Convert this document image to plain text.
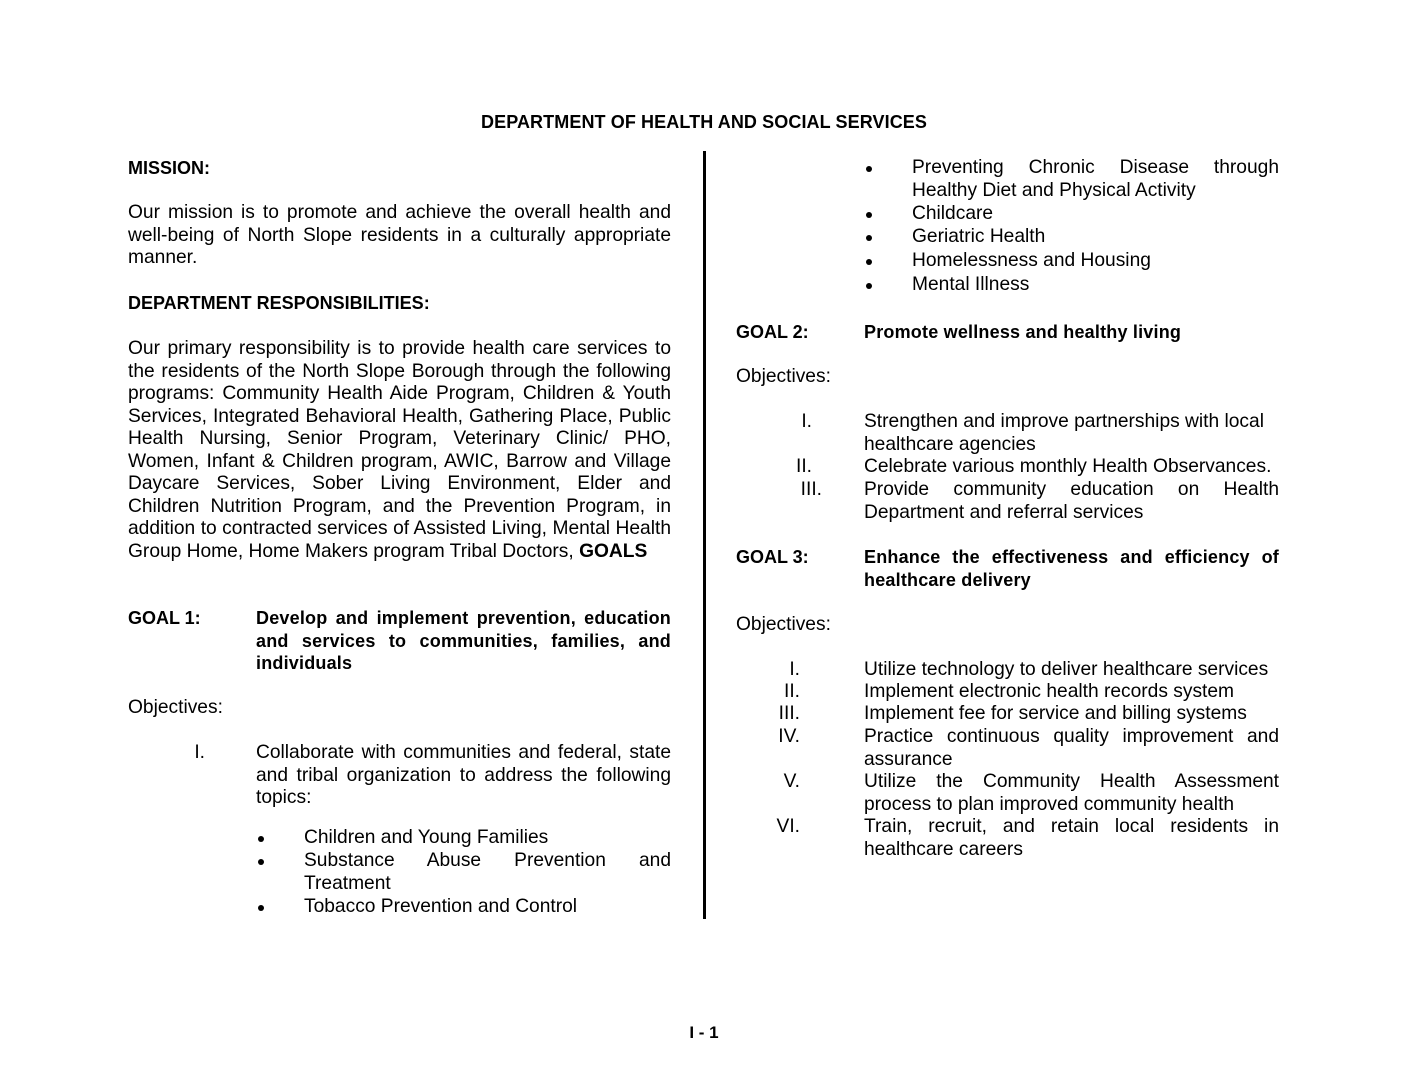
DEPARTMENT OF HEALTH AND SOCIAL SERVICES
MISSION:
Our mission is to promote and achieve the overall health and well-being of North Slope residents in a culturally appropriate manner.
DEPARTMENT RESPONSIBILITIES:
Our primary responsibility is to provide health care services to the residents of the North Slope Borough through the following programs: Community Health Aide Program, Children & Youth Services, Integrated Behavioral Health, Gathering Place, Public Health Nursing, Senior Program, Veterinary Clinic/ PHO, Women, Infant & Children program, AWIC, Barrow and Village Daycare Services, Sober Living Environment, Elder and Children Nutrition Program, and the Prevention Program, in addition to contracted services of Assisted Living, Mental Health Group Home, Home Makers program Tribal Doctors, GOALS
GOAL 1:	Develop and implement prevention, education and services to communities, families, and individuals
Objectives:
I.	Collaborate with communities and federal, state and tribal organization to address the following topics:
Children and Young Families
Substance Abuse Prevention and Treatment
Tobacco Prevention and Control
Preventing Chronic Disease through Healthy Diet and Physical Activity
Childcare
Geriatric Health
Homelessness and Housing
Mental Illness
GOAL 2:	Promote wellness and healthy living
Objectives:
I.	Strengthen and improve partnerships with local healthcare agencies
II.	Celebrate various monthly Health Observances.
III. Provide community education on Health Department and referral services
GOAL 3:	Enhance the effectiveness and efficiency of healthcare delivery
Objectives:
I.	Utilize technology to deliver healthcare services
II.	Implement electronic health records system
III.	Implement fee for service and billing systems
IV.	Practice continuous quality improvement and assurance
V.	Utilize the Community Health Assessment process to plan improved community health
VI.	Train, recruit, and retain local residents in healthcare careers
I - 1
